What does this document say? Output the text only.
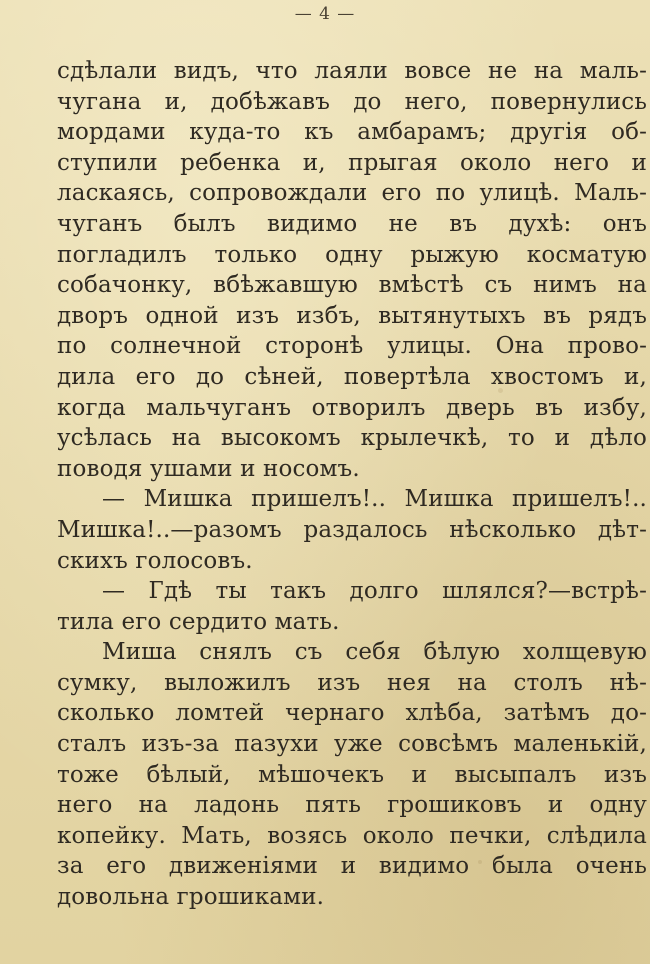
— 4 —
сдѣлали видъ, что лаяли вовсе не на маль-
чугана и, добѣжавъ до него, повернулись
мордами куда-то къ амбарамъ; другія об-
ступили ребенка и, прыгая около него и
ласкаясь, сопровождали его по улицѣ. Маль-
чуганъ былъ видимо не въ духѣ: онъ
погладилъ только одну рыжую косматую
собачонку, вбѣжавшую вмѣстѣ съ нимъ на
дворъ одной изъ избъ, вытянутыхъ въ рядъ
по солнечной сторонѣ улицы. Она прово-
дила его до сѣней, повертѣла хвостомъ и,
когда мальчуганъ отворилъ дверь въ избу,
усѣлась на высокомъ крылечкѣ, то и дѣло
поводя ушами и носомъ.
— Мишка пришелъ!.. Мишка пришелъ!..
Мишка!..—разомъ раздалось нѣсколько дѣт-
скихъ голосовъ.
— Гдѣ ты такъ долго шлялся?—встрѣ-
тила его сердито мать.
Миша снялъ съ себя бѣлую холщевую
сумку, выложилъ изъ нея на столъ нѣ-
сколько ломтей чернаго хлѣба, затѣмъ до-
сталъ изъ-за пазухи уже совсѣмъ маленькій,
тоже бѣлый, мѣшочекъ и высыпалъ изъ
него на ладонь пять грошиковъ и одну
копейку. Мать, возясь около печки, слѣдила
за его движеніями и видимо была очень
довольна грошиками.
